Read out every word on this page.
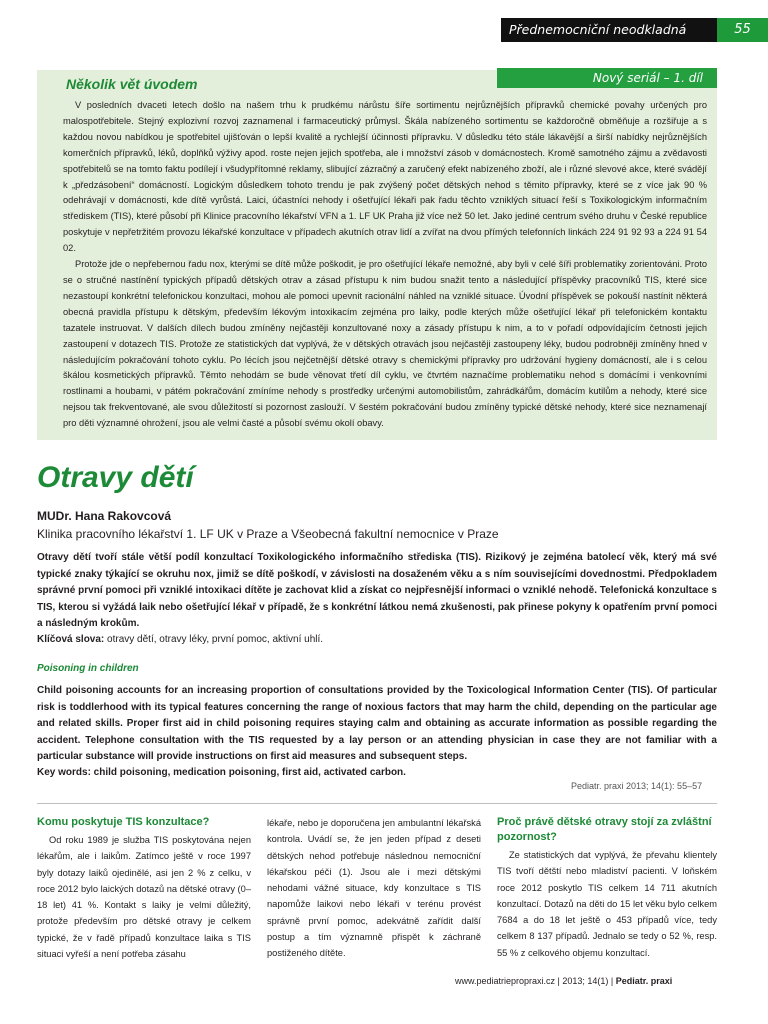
Přednemocniční neodkladná péče
55
Několik vět úvodem	Nový seriál – 1. díl

V posledních dvaceti letech došlo na našem trhu k prudkému nárůstu šíře sortimentu nejrůznějších přípravků chemické povahy určených pro malospotřebitele. Stejný explozivní rozvoj zaznamenal i farmaceutický průmysl. Škála nabízeného sortimentu se každoročně obměňuje a rozšiřuje a s každou novou nabídkou je spotřebitel ujišťován o lepší kvalitě a rychlejší účinnosti přípravku. V důsledku této stále lákavější a širší nabídky nejrůznějších komerčních přípravků, léků, doplňků výživy apod. roste nejen jejich spotřeba, ale i množství zásob v domácnostech. Kromě samotného zájmu a zvědavosti spotřebitelů se na tomto faktu podílejí i všudypřítomné reklamy, slibující zázračný a zaručený efekt nabízeného zboží, ale i různé slevové akce, které svádějí k „předzásobení“ domácností. Logickým důsledkem tohoto trendu je pak zvýšený počet dětských nehod s těmito přípravky, které se z více jak 90 % odehrávají v domácnosti, kde dítě vyrůstá. Laici, účastníci nehody i ošetřující lékaři pak řadu těchto vzniklých situací řeší s Toxikologickým informačním střediskem (TIS), které působí při Klinice pracovního lékařství VFN a 1. LF UK Praha již více než 50 let. Jako jediné centrum svého druhu v České republice poskytuje v nepřetržitém provozu lékařské konzultace v případech akutních otrav lidí a zvířat na dvou přímých telefonních linkách 224 91 92 93 a 224 91 54 02.

Protože jde o nepřebernou řadu nox, kterými se dítě může poškodit, je pro ošetřující lékaře nemožné, aby byli v celé šíři problematiky zorientováni. Proto se o stručné nastínění typických případů dětských otrav a zásad přístupu k nim budou snažit tento a následující příspěvky pracovníků TIS, které sice nezastoupí konkrétní telefonickou konzultaci, mohou ale pomoci upevnit racionální náhled na vzniklé situace. Úvodní příspěvek se pokouší nastínit některá obecná pravidla přístupu k dětským, především lékovým intoxikacím zejména pro laiky, podle kterých může ošetřující lékař při telefonickém kontaktu tazatele instruovat. V dalších dílech budou zmíněny nejčastěji konzultované noxy a zásady přístupu k nim, a to v pořadí odpovídajícím četnosti jejich zastoupení v dotazech TIS. Protože ze statistických dat vyplývá, že v dětských otravách jsou nejčastěji zastoupeny léky, budou podrobněji zmíněny hned v následujícím pokračování tohoto cyklu. Po lécích jsou nejčetnější dětské otravy s chemickými přípravky pro udržování hygieny domácností, ale i s celou škálou kosmetických přípravků. Těmto nehodám se bude věnovat třetí díl cyklu, ve čtvrtém naznačíme problematiku nehod s domácími i venkovními rostlinami a houbami, v pátém pokračování zmíníme nehody s prostředky určenými automobilistům, zahrádkářům, domácím kutilům a nehody, které sice nejsou tak frekventované, ale svou důležitostí si pozornost zaslouží. V šestém pokračování budou zmíněny typické dětské nehody, které sice neznamenají pro děti významné ohrožení, jsou ale velmi časté a působí svému okolí obavy.

Otravy dětí
MUDr. Hana Rakovcová
Klinika pracovního lékařství 1. LF UK v Praze a Všeobecná fakultní nemocnice v Praze
Otravy dětí tvoří stále větší podíl konzultací Toxikologického informačního střediska (TIS). Rizikový je zejména batolecí věk, který má své typické znaky týkající se okruhu nox, jimiž se dítě poškodí, v závislosti na dosaženém věku a s ním souvisejícími dovednostmi. Předpokladem správné první pomoci při vzniklé intoxikaci dítěte je zachovat klid a získat co nejpřesnější informaci o vzniklé nehodě. Telefonická konzultace s TIS, kterou si vyžádá laik nebo ošetřující lékař v případě, že s konkrétní látkou nemá zkušenosti, pak přinese pokyny k opatřením první pomoci a následným krokům.
Klíčová slova: otravy dětí, otravy léky, první pomoc, aktivní uhlí.
Poisoning in children
Child poisoning accounts for an increasing proportion of consultations provided by the Toxicological Information Center (TIS). Of particular risk is toddlerhood with its typical features concerning the range of noxious factors that may harm the child, depending on the particular age and related skills. Proper first aid in child poisoning requires staying calm and obtaining as accurate information as possible regarding the accident. Telephone consultation with the TIS requested by a lay person or an attending physician in case they are not familiar with a particular substance will provide instructions on first aid measures and subsequent steps.
Key words: child poisoning, medication poisoning, first aid, activated carbon.
Pediatr. praxi 2013; 14(1): 55–57
Komu poskytuje TIS konzultace?

Od roku 1989 je služba TIS poskytována nejen lékařům, ale i laikům. Zatímco ještě v roce 1997 byly dotazy laiků ojedinělé, asi jen 2 % z celku, v roce 2012 bylo laických dotazů na dětské otravy (0–18 let) 41 %. Kontakt s laiky je velmi důležitý, protože především pro dětské otravy je celkem typické, že v řadě případů konzultace laika s TIS situaci vyřeší a není potřeba zásahu

lékaře, nebo je doporučena jen ambulantní lékařská kontrola. Uvádí se, že jen jeden případ z deseti dětských nehod potřebuje následnou nemocniční lékařskou péči (1). Jsou ale i mezi dětskými nehodami vážné situace, kdy konzultace s TIS napomůže laikovi nebo lékaři v terénu provést správně první pomoc, adekvátně zařídit další postup a tím významně přispět k záchraně postiženého dítěte.

Proč právě dětské otravy stojí za zvláštní pozornost?

Ze statistických dat vyplývá, že převahu klientely TIS tvoří dětští nebo mladiství pacienti. V loňském roce 2012 poskytlo TIS celkem 14 711 akutních konzultací. Dotazů na děti do 15 let věku bylo celkem 7684 a do 18 let ještě o 453 případů více, tedy celkem 8 137 případů. Jednalo se tedy o 52 %, resp. 55 % z celkového objemu konzultací.

www.pediatriepropraxi.cz | 2013; 14(1) | Pediatr. praxi
